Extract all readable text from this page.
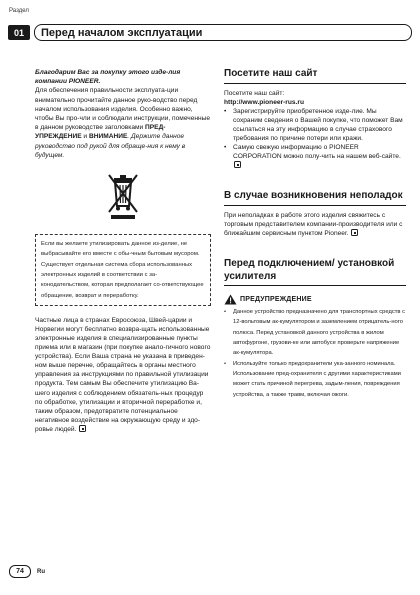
Раздел
01	Перед началом эксплуатации

Благодарим Вас за покупку этого изде-лия компании PIONEER.

Для обеспечения правильности эксплуата-ции внимательно прочитайте данное руко-водство перед началом использования изделия. Особенно важно, чтобы Вы про-чли и соблюдали инструкции, помеченные в данном руководстве заголовками ПРЕД-УПРЕЖДЕНИЕ и ВНИМАНИЕ. Держите данное руководство под рукой для обраще-ния к нему в будущем.

Если вы желаете утилизировать данное из-делие, не выбрасывайте его вместе с обы-чным бытовым мусором. Существует отдельная система сбора использованных электронных изделий в соответствии с за-конодательством, которая предполагает со-ответствующее обращение, возврат и переработку.

Частные лица в странах Евросоюза, Швей-царии и Норвегии могут бесплатно возвра-щать использованные электронные изделия в специализированные пункты приема или в магазин (при покупке анало-гичного нового устройства). Если Ваша страна не указана в приведен-ном выше перечне, обращайтесь в органы местного управления за инструкциями по правильной утилизации продукта. Тем самым Вы обеспечите утилизацию Ва-шего изделия с соблюдением обязатель-ных процедур по обработке, утилизации и вторичной переработке и, таким образом, предотвратите потенциальное негативное воздействие на окружающую среду и здо-ровье людей.

Посетите наш сайт
Посетите наш сайт:
http://www.pioneer-rus.ru
• Зарегистрируйте приобретенное изде-лие. Мы сохраним сведения о Вашей покупке, что поможет Вам ссылаться на эту информацию в случае страхового требования по причине потери или кражи.
• Самую свежую информацию о PIONEER CORPORATION можно полу-чить на нашем веб-сайте.
В случае возникновения неполадок

При неполадках в работе этого изделия свяжитесь с торговым представителем компании-производителя или с ближайшим сервисным пунктом Pioneer.

Перед подключением/ установкой усилителя
ПРЕДУПРЕЖДЕНИЕ
• Данное устройство предназначено для транспортных средств с 12-вольтовым ак-кумулятором и заземлением отрицатель-ного полюса. Перед установкой данного устройства в жилом автофургоне, грузови-ке или автобусе проверьте напряжение ак-кумулятора.
• Используйте только предохранители ука-занного номинала. Использование пред-охранителя с другими характеристиками может стать причиной перегрева, задым-ления, повреждения устройства, а также травм, включая ожоги.
74	Ru
